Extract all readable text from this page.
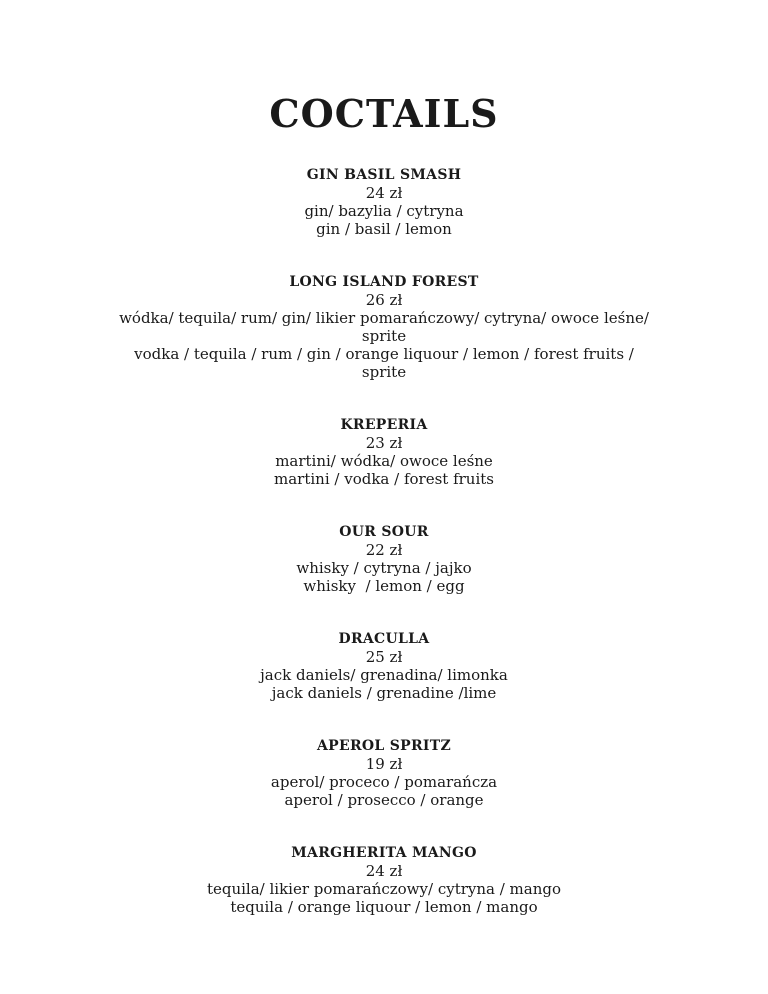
COCTAILS
GIN BASIL SMASH
24 zł
gin/ bazylia / cytryna
gin / basil / lemon
LONG ISLAND FOREST
26 zł
wódka/ tequila/ rum/ gin/ likier pomarańczowy/ cytryna/ owoce leśne/
sprite
vodka / tequila / rum / gin / orange liquour / lemon / forest fruits /
sprite
KREPERIA
23 zł
martini/ wódka/ owoce leśne
martini / vodka / forest fruits
OUR SOUR
22 zł
whisky / cytryna / jajko
whisky  / lemon / egg
DRACULLA
25 zł
jack daniels/ grenadina/ limonka
jack daniels / grenadine /lime
APEROL SPRITZ
19 zł
aperol/ proceco / pomarańcza
aperol / prosecco / orange
MARGHERITA MANGO
24 zł
tequila/ likier pomarańczowy/ cytryna / mango
tequila / orange liquour / lemon / mango
